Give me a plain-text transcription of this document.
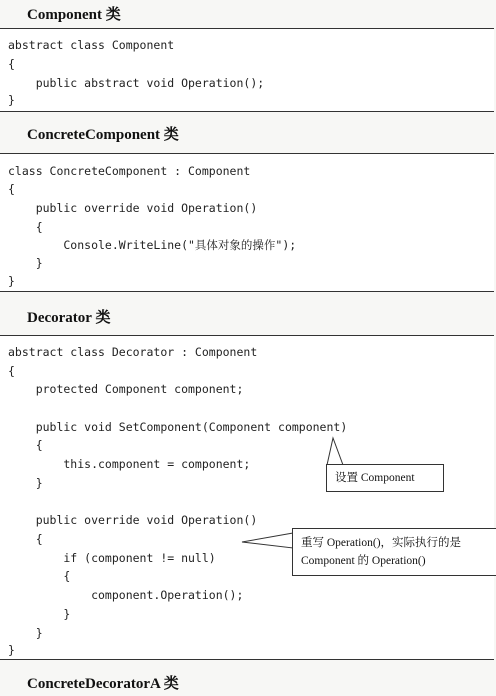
Component 类
abstract class Component
{
public abstract void Operation();
}
ConcreteComponent 类
class ConcreteComponent : Component
{
public override void Operation()
{
Console.WriteLine("具体对象的操作");
}
}
Decorator 类
abstract class Decorator : Component
{
protected Component component;
public void SetComponent(Component component)
{
this.component = component;
}
public override void Operation()
{
if (component != null)
{
component.Operation();
}
}
}
设置 Component
重写 Operation()，实际执行的是
Component 的 Operation()
ConcreteDecoratorA 类
